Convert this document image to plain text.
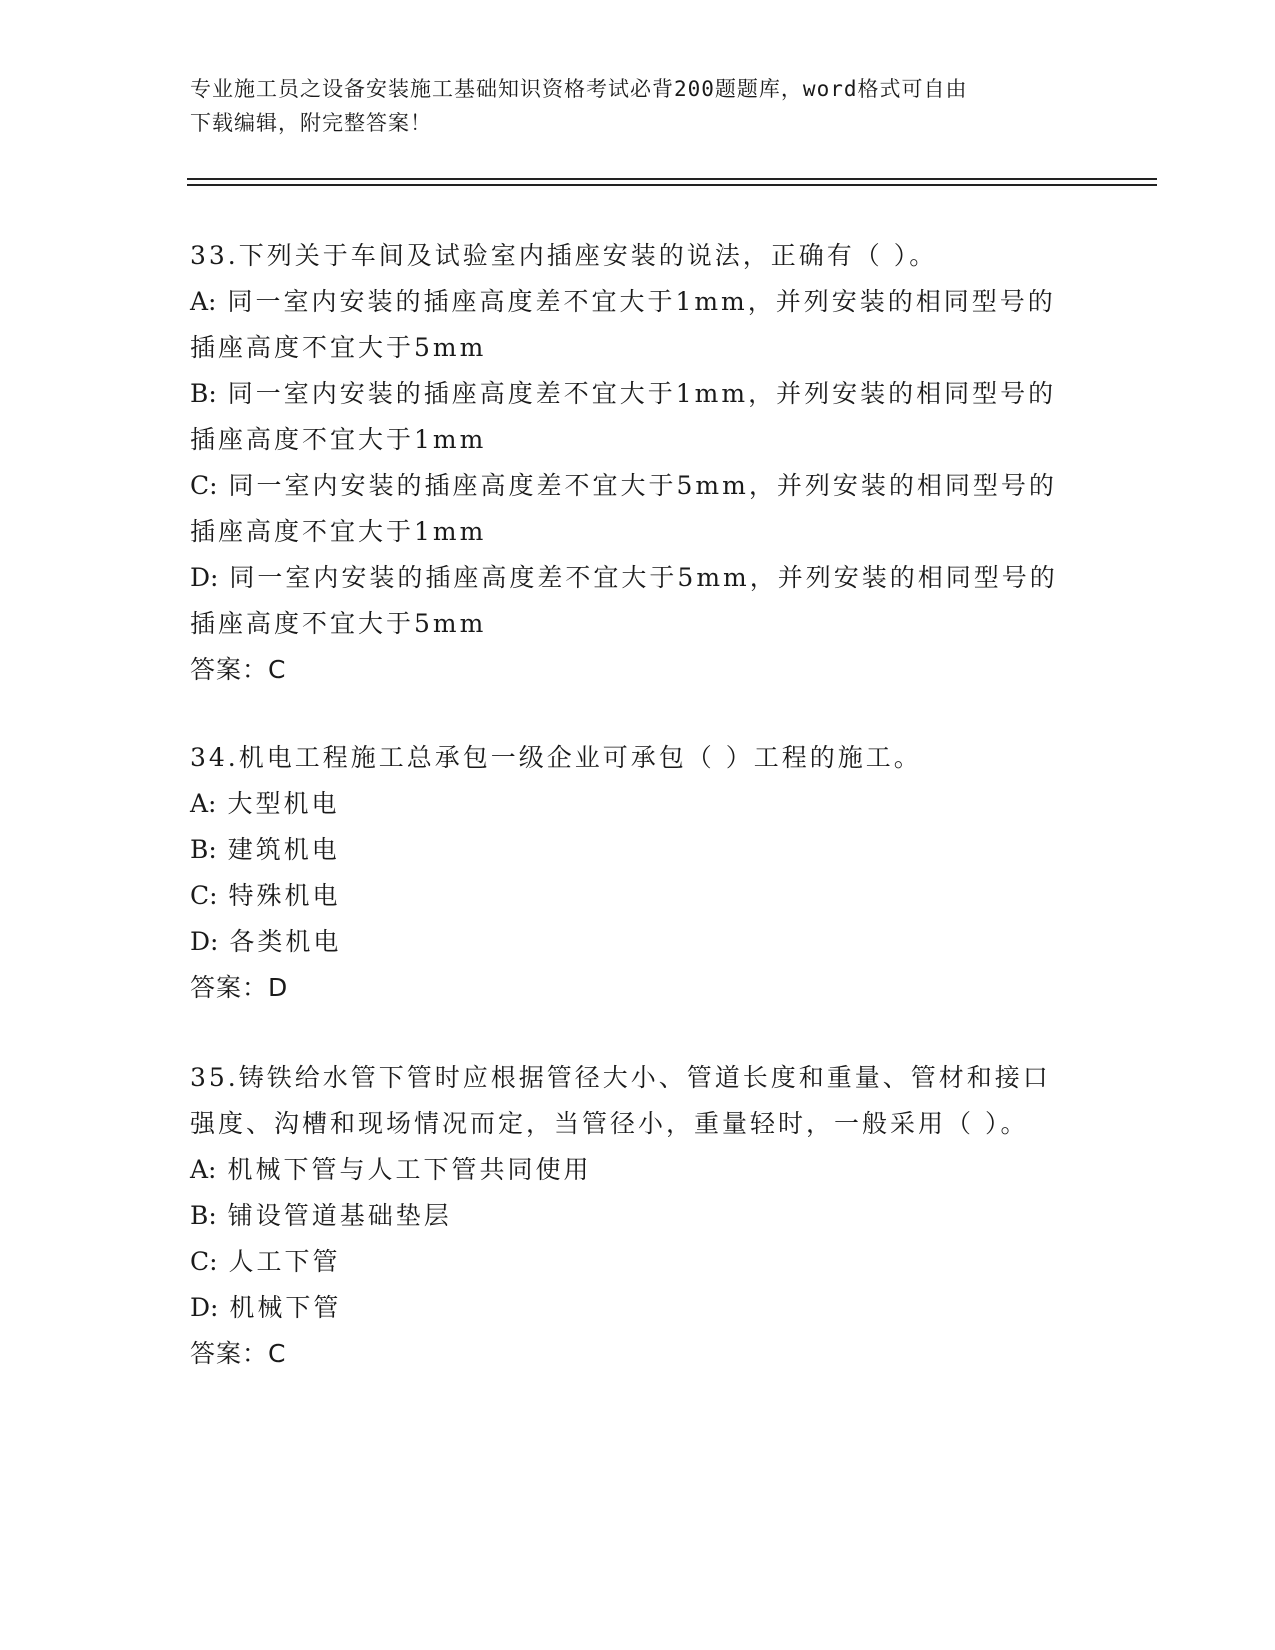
专业施工员之设备安装施工基础知识资格考试必背200题题库，word格式可自由
下载编辑，附完整答案！
33.下列关于车间及试验室内插座安装的说法，正确有（ ）。
A: 同一室内安装的插座高度差不宜大于1mm，并列安装的相同型号的
插座高度不宜大于5mm
B: 同一室内安装的插座高度差不宜大于1mm，并列安装的相同型号的
插座高度不宜大于1mm
C: 同一室内安装的插座高度差不宜大于5mm，并列安装的相同型号的
插座高度不宜大于1mm
D: 同一室内安装的插座高度差不宜大于5mm，并列安装的相同型号的
插座高度不宜大于5mm
答案：C
34.机电工程施工总承包一级企业可承包（ ）工程的施工。
A: 大型机电
B: 建筑机电
C: 特殊机电
D: 各类机电
答案：D
35.铸铁给水管下管时应根据管径大小、管道长度和重量、管材和接口
强度、沟槽和现场情况而定，当管径小，重量轻时，一般采用（ ）。
A: 机械下管与人工下管共同使用
B: 铺设管道基础垫层
C: 人工下管
D: 机械下管
答案：C
